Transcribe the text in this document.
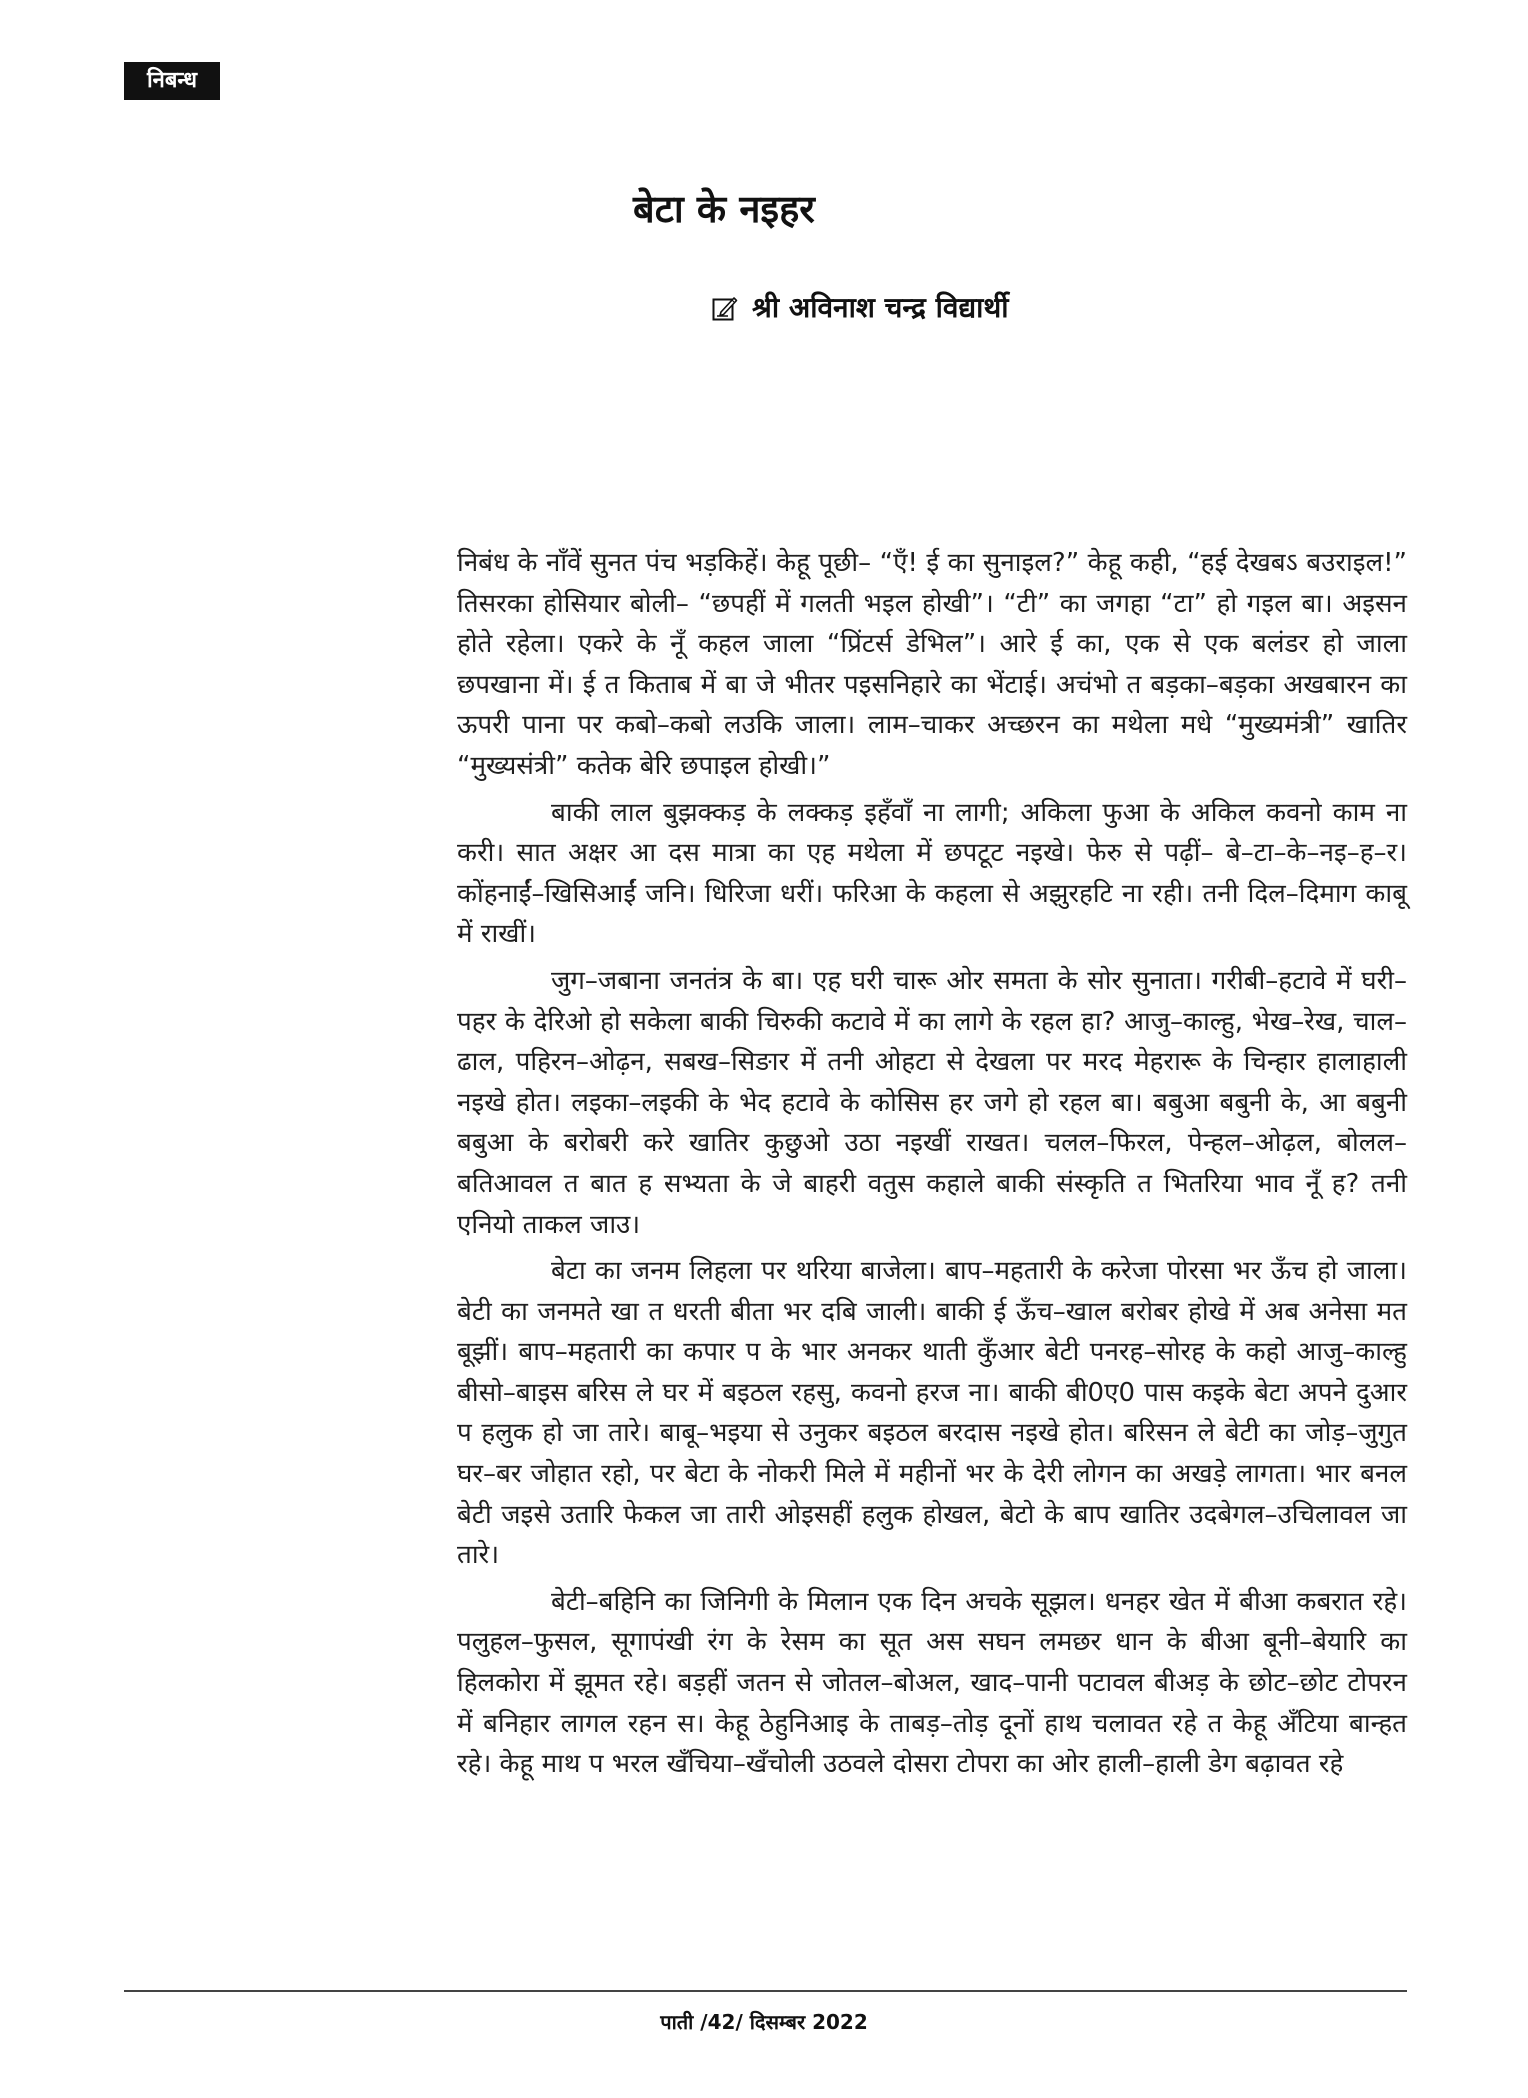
निबन्ध
बेटा के नइहर
श्री अविनाश चन्द्र विद्यार्थी

निबंध के नाँवें सुनत पंच भड़किहें। केहू पूछी– “एँ! ई का सुनाइल?” केहू कही, “हई देखबऽ बउराइल!” तिसरका होसियार बोली– “छपहीं में गलती भइल होखी”। “टी” का जगहा “टा” हो गइल बा। अइसन होते रहेला। एकरे के नूँ कहल जाला “प्रिंटर्स डेभिल”। आरे ई का, एक से एक बलंडर हो जाला छपखाना में। ई त किताब में बा जे भीतर पइसनिहारे का भेंटाई। अचंभो त बड़का–बड़का अखबारन का ऊपरी पाना पर कबो–कबो लउकि जाला। लाम–चाकर अच्छरन का मथेला मधे “मुख्यमंत्री” खातिर “मुख्यसंत्री” कतेक बेरि छपाइल होखी।”

बाकी लाल बुझक्कड़ के लक्कड़ इहँवाँ ना लागी; अकिला फुआ के अकिल कवनो काम ना करी। सात अक्षर आ दस मात्रा का एह मथेला में छपटूट नइखे। फेरु से पढ़ीं– बे–टा–के–नइ–ह–र। कोंहनाईं–खिसिआईं जनि। धिरिजा धरीं। फरिआ के कहला से अझुरहटि ना रही। तनी दिल–दिमाग काबू में राखीं।

जुग–जबाना जनतंत्र के बा। एह घरी चारू ओर समता के सोर सुनाता। गरीबी–हटावे में घरी–पहर के देरिओ हो सकेला बाकी चिरुकी कटावे में का लागे के रहल हा? आजु–काल्हु, भेख–रेख, चाल–ढाल, पहिरन–ओढ़न, सबख–सिङार में तनी ओहटा से देखला पर मरद मेहरारू के चिन्हार हालाहाली नइखे होत। लइका–लइकी के भेद हटावे के कोसिस हर जगे हो रहल बा। बबुआ बबुनी के, आ बबुनी बबुआ के बरोबरी करे खातिर कुछुओ उठा नइखीं राखत। चलल–फिरल, पेन्हल–ओढ़ल, बोलल–बतिआवल त बात ह सभ्यता के जे बाहरी वतुस कहाले बाकी संस्कृति त भितरिया भाव नूँ ह? तनी एनियो ताकल जाउ।

बेटा का जनम लिहला पर थरिया बाजेला। बाप–महतारी के करेजा पोरसा भर ऊँच हो जाला। बेटी का जनमते खा त धरती बीता भर दबि जाली। बाकी ई ऊँच–खाल बरोबर होखे में अब अनेसा मत बूझीं। बाप–महतारी का कपार प के भार अनकर थाती कुँआर बेटी पनरह–सोरह के कहो आजु–काल्हु बीसो–बाइस बरिस ले घर में बइठल रहसु, कवनो हरज ना। बाकी बी0ए0 पास कइके बेटा अपने दुआर प हलुक हो जा तारे। बाबू–भइया से उनुकर बइठल बरदास नइखे होत। बरिसन ले बेटी का जोड़–जुगुत घर–बर जोहात रहो, पर बेटा के नोकरी मिले में महीनों भर के देरी लोगन का अखड़े लागता। भार बनल बेटी जइसे उतारि फेकल जा तारी ओइसहीं हलुक होखल, बेटो के बाप खातिर उदबेगल–उचिलावल जा तारे।

बेटी–बहिनि का जिनिगी के मिलान एक दिन अचके सूझल। धनहर खेत में बीआ कबरात रहे। पलुहल–फुसल, सूगापंखी रंग के रेसम का सूत अस सघन लमछर धान के बीआ बूनी–बेयारि का हिलकोरा में झूमत रहे। बड़हीं जतन से जोतल–बोअल, खाद–पानी पटावल बीअड़ के छोट–छोट टोपरन में बनिहार लागल रहन स। केहू ठेहुनिआइ के ताबड़–तोड़ दूनों हाथ चलावत रहे त केहू अँटिया बान्हत रहे। केहू माथ प भरल खँचिया–खँचोली उठवले दोसरा टोपरा का ओर हाली–हाली डेग बढ़ावत रहे

पाती /42/ दिसम्बर 2022
